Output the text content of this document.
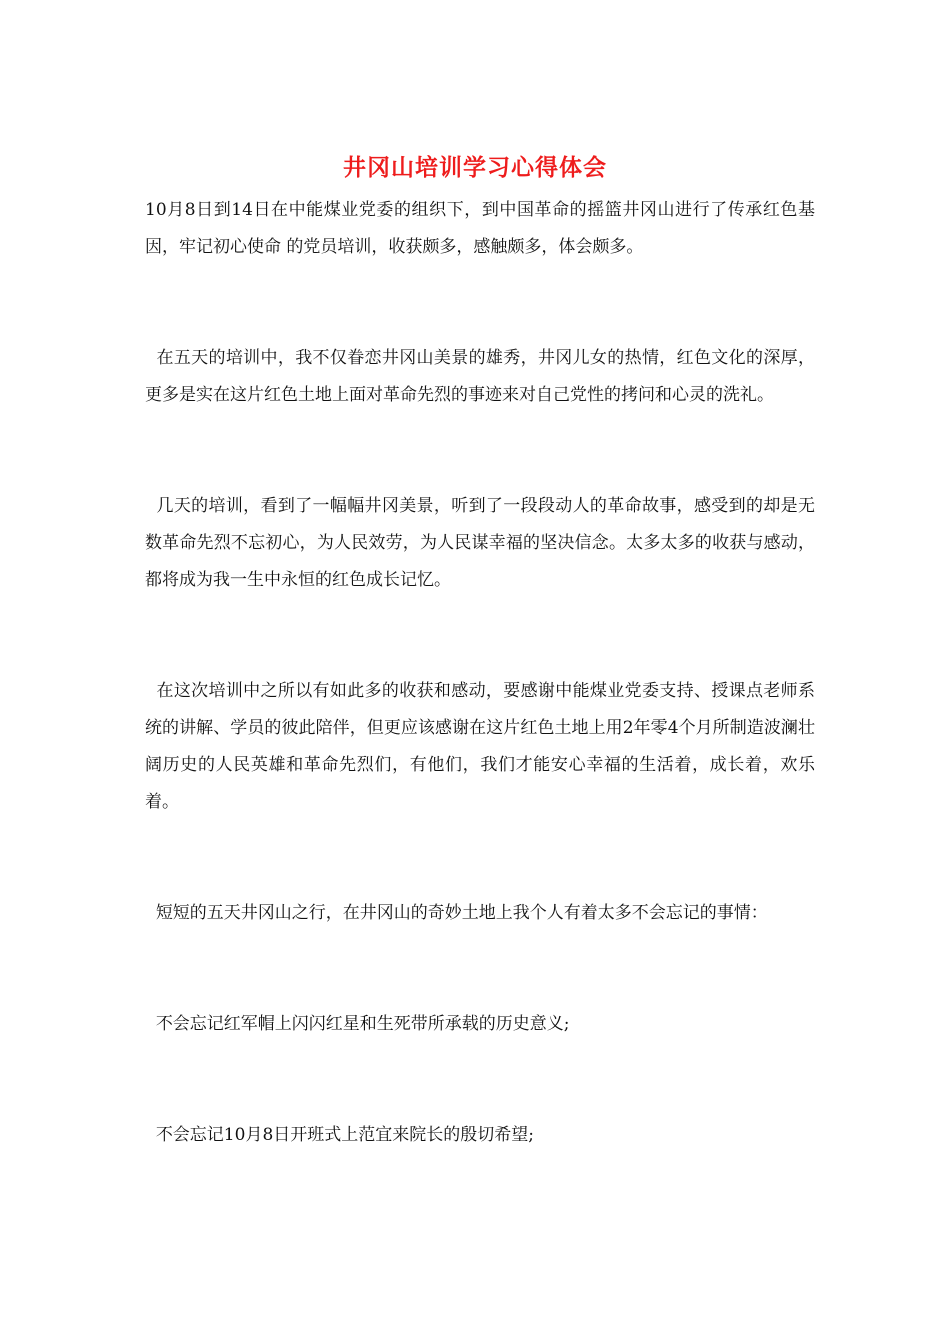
井冈山培训学习心得体会

10月8日到14日在中能煤业党委的组织下，到中国革命的摇篮井冈山进行了传承红色基因，牢记初心使命 的党员培训，收获颇多，感触颇多，体会颇多。

在五天的培训中，我不仅眷恋井冈山美景的雄秀，井冈儿女的热情，红色文化的深厚，更多是实在这片红色土地上面对革命先烈的事迹来对自己党性的拷问和心灵的洗礼。

几天的培训，看到了一幅幅井冈美景，听到了一段段动人的革命故事，感受到的却是无数革命先烈不忘初心，为人民效劳，为人民谋幸福的坚决信念。太多太多的收获与感动，都将成为我一生中永恒的红色成长记忆。

在这次培训中之所以有如此多的收获和感动，要感谢中能煤业党委支持、授课点老师系统的讲解、学员的彼此陪伴，但更应该感谢在这片红色土地上用2年零4个月所制造波澜壮阔历史的人民英雄和革命先烈们，有他们，我们才能安心幸福的生活着，成长着，欢乐着。

短短的五天井冈山之行，在井冈山的奇妙土地上我个人有着太多不会忘记的事情：

不会忘记红军帽上闪闪红星和生死带所承载的历史意义;

不会忘记10月8日开班式上范宜来院长的殷切希望;
